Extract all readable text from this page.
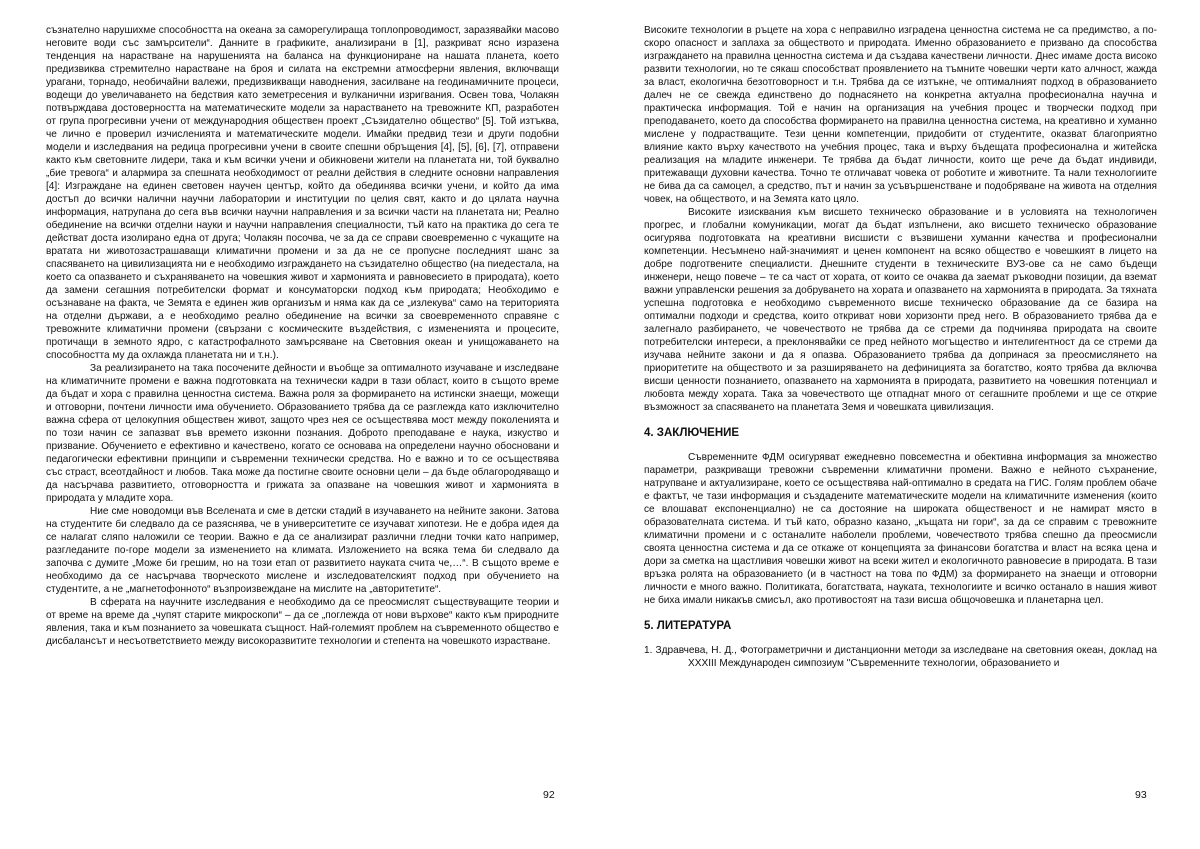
съзнателно нарушихме способността на океана за саморегулираща топлопроводимост, заразявайки масово неговите води със замърсители“. Данните в графиките, анализирани в [1], разкриват ясно изразена тенденция на нарастване на нарушенията на баланса на функциониране на нашата планета, което предизвиква стремително нарастване на броя и силата на екстремни атмосферни явления, включващи урагани, торнадо, необичайни валежи, предизвикващи наводнения, засилване на геодинамичните процеси, водещи до увеличаването на бедствия като земетресения и вулканични изригвания. Освен това, Чолакян потвърждава достоверността на математическите модели за нарастването на тревожните КП, разработен от група прогресивни учени от международния обществен проект „Съзидателно общество“ [5]. Той изтъква, че лично е проверил изчисленията и математическите модели. Имайки предвид тези и други подобни модели и изследвания на редица прогресивни учени в своите спешни обръщения [4], [5], [6], [7], отправени както към световните лидери, така и към всички учени и обикновени жители на планетата ни, той буквално „бие тревога“ и алармира за спешната необходимост от реални действия в следните основни направления [4]: Изграждане на единен световен научен център, който да обединява всички учени, и който да има достъп до всички налични научни лаборатории и институции по целия свят, както и до цялата научна информация, натрупана до сега във всички научни направления и за всички части на планетата ни; Реално обединение на всички отделни науки и научни направления специалности, тъй като на практика до сега те действат доста изолирано една от друга; Чолакян посочва, че за да се справи своевременно с чукащите на вратата ни животозастрашаващи климатични промени и за да не се пропусне последният шанс за спасяването на цивилизацията ни е необходимо изграждането на съзидателно общество (на пиедестала, на което са опазването и съхраняването на човешкия живот и хармонията и равновесието в природата), което да замени сегашния потребителски формат и консуматорски подход към природата; Необходимо е осъзнаване на факта, че Земята е единен жив организъм и няма как да се „излекува“ само на територията на отделни държави, а е необходимо реално обединение на всички за своевременното справяне с тревожните климатични промени (свързани с космическите въздействия, с измененията и процесите, протичащи в земното ядро, с катастрофалното замърсяване на Световния океан и унищожаването на способността му да охлажда планетата ни и т.н.).

За реализирането на така посочените дейности и въобще за оптималното изучаване и изследване на климатичните промени е важна подготовката на технически кадри в тази област, които в същото време да бъдат и хора с правилна ценностна система. Важна роля за формирането на истински знаещи, можещи и отговорни, почтени личности има обучението. Образованието трябва да се разглежда като изключително важна сфера от целокупния обществен живот, защото чрез нея се осъществява мост между поколенията и по този начин се запазват във времето изконни познания. Доброто преподаване е наука, изкуство и призвание. Обучението е ефективно и качествено, когато се основава на определени научно обосновани и педагогически ефективни принципи и съвременни технически средства. Но е важно и то се осъществява със страст, всеотдайност и любов. Така може да постигне своите основни цели – да бъде облагородяващо и да насърчава развитието, отговорността и грижата за опазване на човешкия живот и хармонията в природата у младите хора.

Ние сме новодомци във Вселената и сме в детски стадий в изучаването на нейните закони. Затова на студентите би следвало да се разяснява, че в университетите се изучават хипотези. Не е добра идея да се налагат сляпо наложили се теории. Важно е да се анализират различни гледни точки като например, разгледаните по-горе модели за изменението на климата. Изложението на всяка тема би следвало да започва с думите „Може би грешим, но на този етап от развитието науката счита че,…“. В същото време е необходимо да се насърчава творческото мислене и изследователският подход при обучението на студентите, а не „магнетофонното“ възпроизвеждане на мислите на „авторитетите“.

В сферата на научните изследвания е необходимо да се преосмислят съществуващите теории и от време на време да „чупят старите микроскопи“ – да се „поглежда от нови върхове“ както към природните явления, така и към познанието за човешката същност. Най-големият проблем на съвременното общество е дисбалансът и несъответствието между високоразвитите технологии и степента на човешкото израстване.

92

Високите технологии в ръцете на хора с неправилно изградена ценностна система не са предимство, а по-скоро опасност и заплаха за обществото и природата. Именно образованието е призвано да способства изграждането на правилна ценностна система и да създава качествени личности. Днес имаме доста високо развити технологии, но те сякаш способстват проявлението на тъмните човешки черти като алчност, жажда за власт, екологична безотговорност и т.н. Трябва да се изтъкне, че оптималният подход в образованието далеч не се свежда единствено до поднасянето на конкретна актуална професионална научна и практическа информация. Той е начин на организация на учебния процес и творчески подход при преподаването, което да способства формирането на правилна ценностна система, на креативно и хуманно мислене у подрастващите. Тези ценни компетенции, придобити от студентите, оказват благоприятно влияние както върху качеството на учебния процес, така и върху бъдещата професионална и житейска реализация на младите инженери. Те трябва да бъдат личности, които ще рече да бъдат индивиди, притежаващи духовни качества. Точно те отличават човека от роботите и животните. Та нали технологиите не бива да са самоцел, а средство, път и начин за усъвършенстване и подобряване на живота на отделния човек, на обществото, и на Земята като цяло.

Високите изисквания към висшето техническо образование и в условията на технологичен прогрес, и глобални комуникации, могат да бъдат изпълнени, ако висшето техническо образование осигурява подготовката на креативни висшисти с възвишени хуманни качества и професионални компетенции. Несъмнено най-значимият и ценен компонент на всяко общество е човешкият в лицето на добре подготвените специалисти. Днешните студенти в техническите ВУЗ-ове са не само бъдещи инженери, нещо повече – те са част от хората, от които се очаква да заемат ръководни позиции, да вземат важни управленски решения за добруването на хората и опазването на хармонията в природата. За тяхната успешна подготовка е необходимо съвременното висше техническо образование да се базира на оптимални подходи и средства, които откриват нови хоризонти пред него. В образованието трябва да е залегнало разбирането, че човечеството не трябва да се стреми да подчинява природата на своите потребителски интереси, а преклонявайки се пред нейното могъщество и интелигентност да се стреми да изучава нейните закони и да я опазва. Образованието трябва да допринася за преосмислянето на приоритетите на обществото и за разширяването на дефиницията за богатство, която трябва да включва висши ценности познанието, опазването на хармонията в природата, развитието на човешкия потенциал и любовта между хората. Така за човечеството ще отпаднат много от сегашните проблеми и ще се открие възможност за спасяването на планетата Земя и човешката цивилизация.

4. ЗАКЛЮЧЕНИЕ

Съвременните ФДМ осигуряват ежедневно повсеместна и обективна информация за множество параметри, разкриващи тревожни съвременни климатични промени. Важно е нейното съхранение, натрупване и актуализиране, което се осъществява най-оптимално в средата на ГИС. Голям проблем обаче е фактът, че тази информация и създадените математическите модели на климатичните изменения (които се влошават експоненциално) не са достояние на широката общественост и не намират място в образователната система. И тъй като, образно казано, „къщата ни гори“, за да се справим с тревожните климатични промени и с останалите наболели проблеми, човечеството трябва спешно да преосмисли своята ценностна система и да се откаже от концепцията за финансови богатства и власт на всяка цена и дори за сметка на щастливия човешки живот на всеки жител и екологичното равновесие в природата. В тази връзка ролята на образованието (и в частност на това по ФДМ) за формирането на знаещи и отговорни личности е много важно. Политиката, богатствата, науката, технологиите и всичко останало в нашия живот не биха имали никакъв смисъл, ако противостоят на тази висша общочовешка и планетарна цел.

5. ЛИТЕРАТУРА

1. Здравчева, Н. Д., Фотограметрични и дистанционни методи за изследване на световния океан, доклад на XXXIII Международен симпозиум "Съвременните технологии, образованието и

93
